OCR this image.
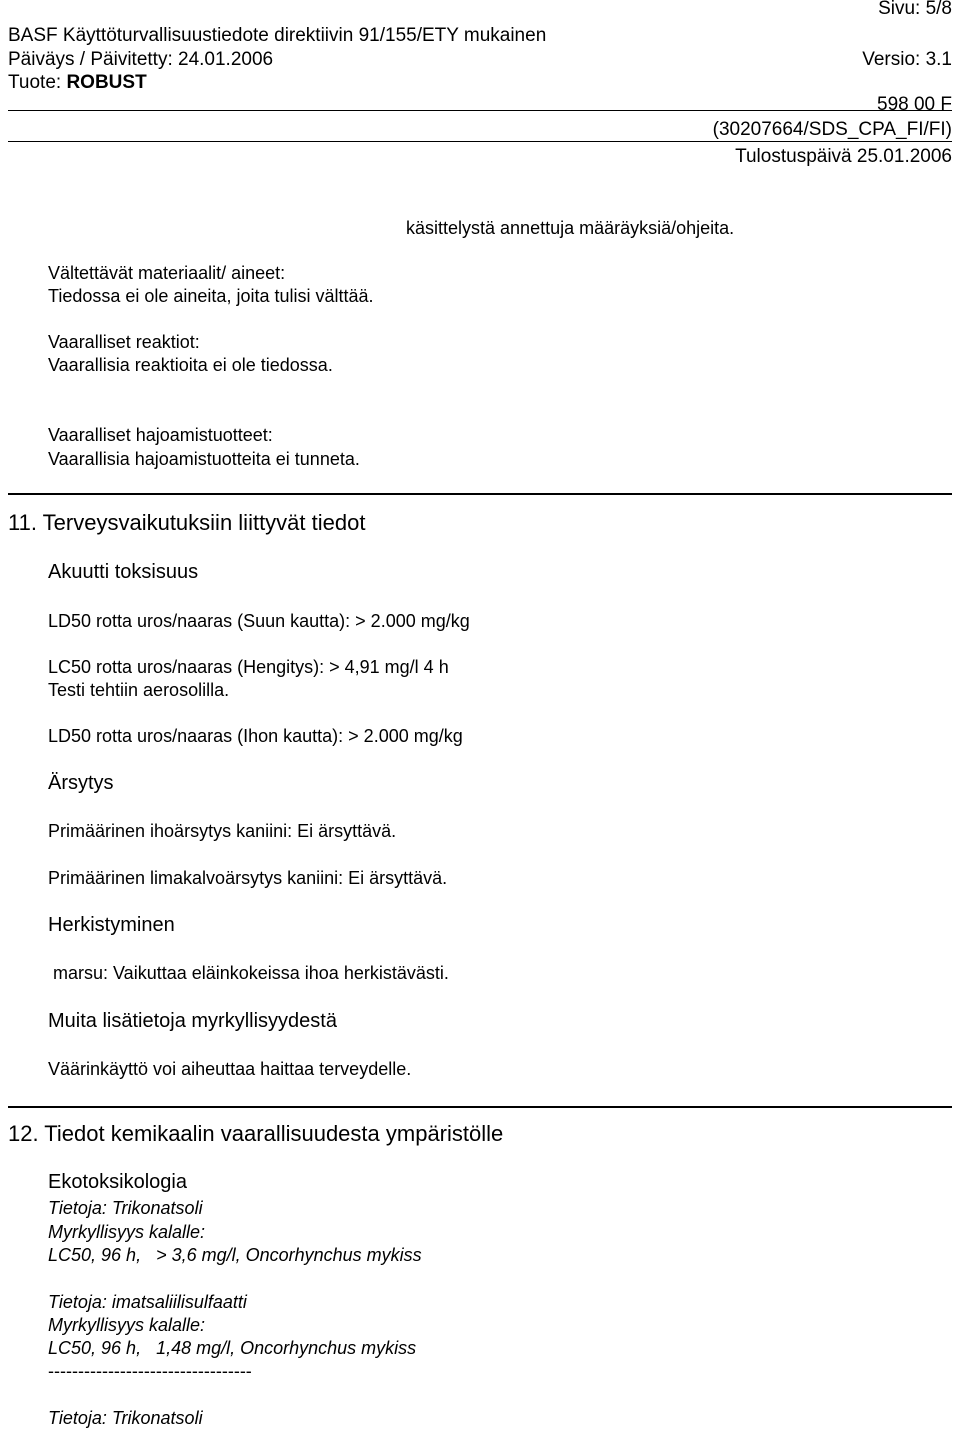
Sivu: 5/8
BASF Käyttöturvallisuustiedote direktiivin 91/155/ETY mukainen
Päiväys / Päivitetty: 24.01.2006	Versio: 3.1
Tuote: ROBUST
598 00 F
(30207664/SDS_CPA_FI/FI)
Tulostuspäivä 25.01.2006
käsittelystä annettuja määräyksiä/ohjeita.
Vältettävät materiaalit/ aineet:
Tiedossa ei ole aineita, joita tulisi välttää.
Vaaralliset reaktiot:
Vaarallisia reaktioita ei ole tiedossa.
Vaaralliset hajoamistuotteet:
Vaarallisia hajoamistuotteita ei tunneta.
11. Terveysvaikutuksiin liittyvät tiedot
Akuutti toksisuus
LD50 rotta uros/naaras (Suun kautta): > 2.000 mg/kg
LC50 rotta uros/naaras (Hengitys): > 4,91 mg/l 4 h
Testi tehtiin aerosolilla.
LD50 rotta uros/naaras (Ihon kautta): > 2.000 mg/kg
Ärsytys
Primäärinen ihoärsytys kaniini: Ei ärsyttävä.
Primäärinen limakalvoärsytys kaniini: Ei ärsyttävä.
Herkistyminen
marsu: Vaikuttaa eläinkokeissa ihoa herkistävästi.
Muita lisätietoja myrkyllisyydestä
Väärinkäyttö voi aiheuttaa haittaa terveydelle.
12. Tiedot kemikaalin vaarallisuudesta ympäristölle
Ekotoksikologia
Tietoja: Trikonatsoli
Myrkyllisyys kalalle:
LC50, 96 h,   > 3,6 mg/l, Oncorhynchus mykiss
Tietoja: imatsaliilisulfaatti
Myrkyllisyys kalalle:
LC50, 96 h,   1,48 mg/l, Oncorhynchus mykiss
----------------------------------
Tietoja: Trikonatsoli
